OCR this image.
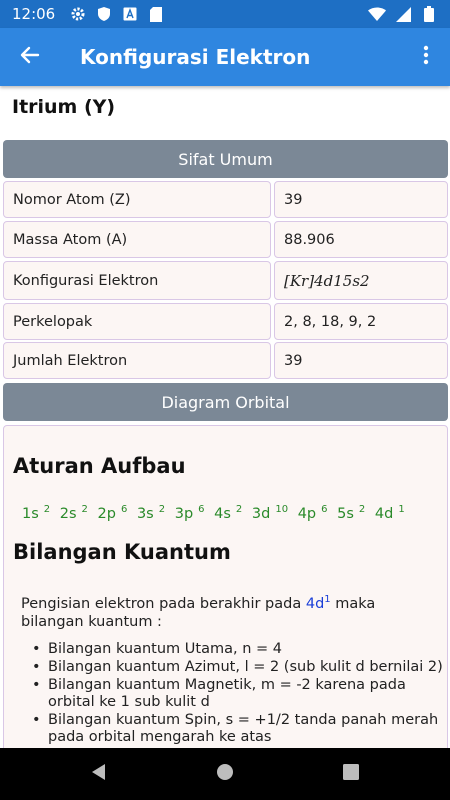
12:06
Konfigurasi Elektron
Itrium (Y)
Sifat Umum
Nomor Atom (Z)	39
Massa Atom (A)	88.906
Konfigurasi Elektron	[Kr]4d 1 5s 2
Perkelopak	2, 8, 18, 9, 2
Jumlah Elektron	39
Diagram Orbital
Aturan Aufbau
1s $^2$ 2s $^2$ 2p $^6$ 3s $^2$ 3p $^6$ 4s $^2$ 3d $^{10}$ 4p $^6$ 5s $^2$ 4d $^1$
Bilangan Kuantum
Pengisian elektron pada berakhir pada $4d^1$ maka bilangan kuantum :
• Bilangan kuantum Utama, n = 4
• Bilangan kuantum Azimut, l = 2 (sub kulit d bernilai 2)
• Bilangan kuantum Magnetik, m = -2 karena pada orbital ke 1 sub kulit d
• Bilangan kuantum Spin, s = +1/2 tanda panah merah pada orbital mengarah ke atas
